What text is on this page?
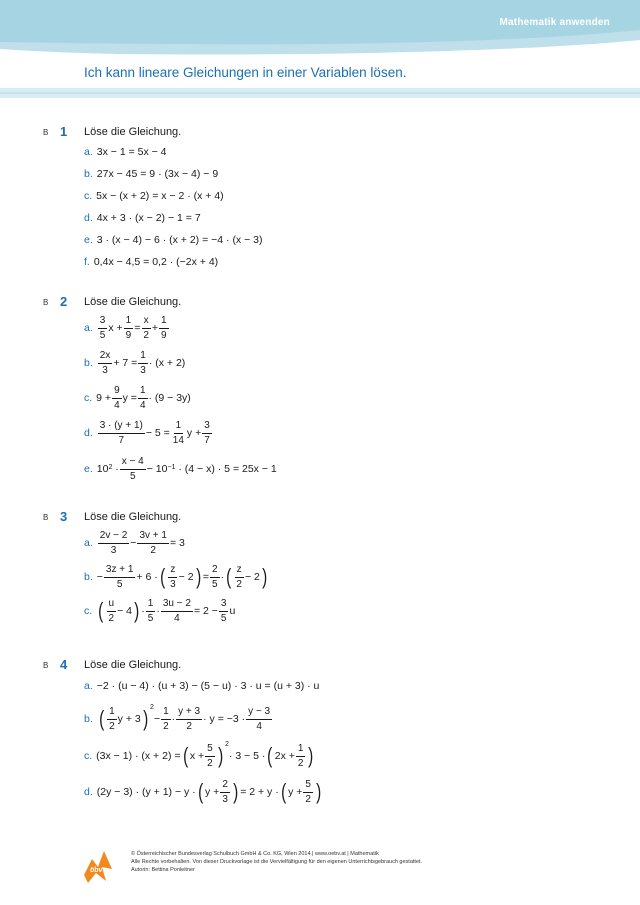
Mathematik anwenden
Ich kann lineare Gleichungen in einer Variablen lösen.
B 1 Löse die Gleichung.
a. 3x − 1 = 5x − 4
b. 27x − 45 = 9 · (3x − 4) − 9
c. 5x − (x + 2) = x − 2 · (x + 4)
d. 4x + 3 · (x − 2) − 1 = 7
e. 3 · (x − 4) − 6 · (x + 2) = −4 · (x − 3)
f. 0,4x − 4,5 = 0,2 · (−2x + 4)
B 2 Löse die Gleichung.
a. $\frac{3}{5}$ $x + \frac{1}{9} = \frac{x}{2} + \frac{1}{9}$
b. $\frac{2x}{3} + 7 = \frac{1}{3} \cdot (x + 2)$
c. $9 + \frac{9}{4}$ $y = \frac{1}{4} \cdot (9 - 3y)$
d. $\frac{3 \cdot (y + 1)}{7} - 5 = \frac{1}{14}$ $y + \frac{3}{7}$
e. $10^2$
· $\frac{x - 4}{5} - 10^{-1}$
· (4 − x) · 5 = 25x − 1
B 3 Löse die Gleichung.
a. $\frac{2v - 2}{3} - \frac{3v + 1}{2} = 3$
b. − $\frac{3z + 1}{5} + 6$ · ( $\frac{z}{3} - 2$ ) = $\frac{2}{5}$ · ( $\frac{z}{2} - 2$ )
c. ( $\frac{u}{2} - 4$ ) · $\frac{1}{5} \cdot \frac{3u - 2}{4} = 2 - \frac{3}{5}$ u
B 4 Löse die Gleichung.
a. −2 · (u − 4) · (u + 3) − (5 − u) · 3 · u = (u + 3) · u
b. ( $\frac{1}{2}$ y + 3 ) $^2$
− $\frac{1}{2} \cdot \frac{y + 3}{2} \cdot y = -3 \cdot \frac{y - 3}{4}$
c. (3x − 1) · (x + 2) = ( $x + \frac{5}{2}$ ) $^2$
· 3 − 5 · ( $2x + \frac{1}{2}$ )
d. (2y − 3) · (y + 1) − y · ( $y + \frac{2}{3}$ ) = 2 + y · ( $y + \frac{5}{2}$ )
öbv
© Österreichischer Bundesverlag Schulbuch GmbH & Co. KG, Wien 2014 | www.oebv.at | Mathematik
Alle Rechte vorbehalten. Von dieser Druckvorlage ist die Vervielfältigung für den eigenen Unterrichtsgebrauch gestattet.
Autorin: Bettina Ponleitner
